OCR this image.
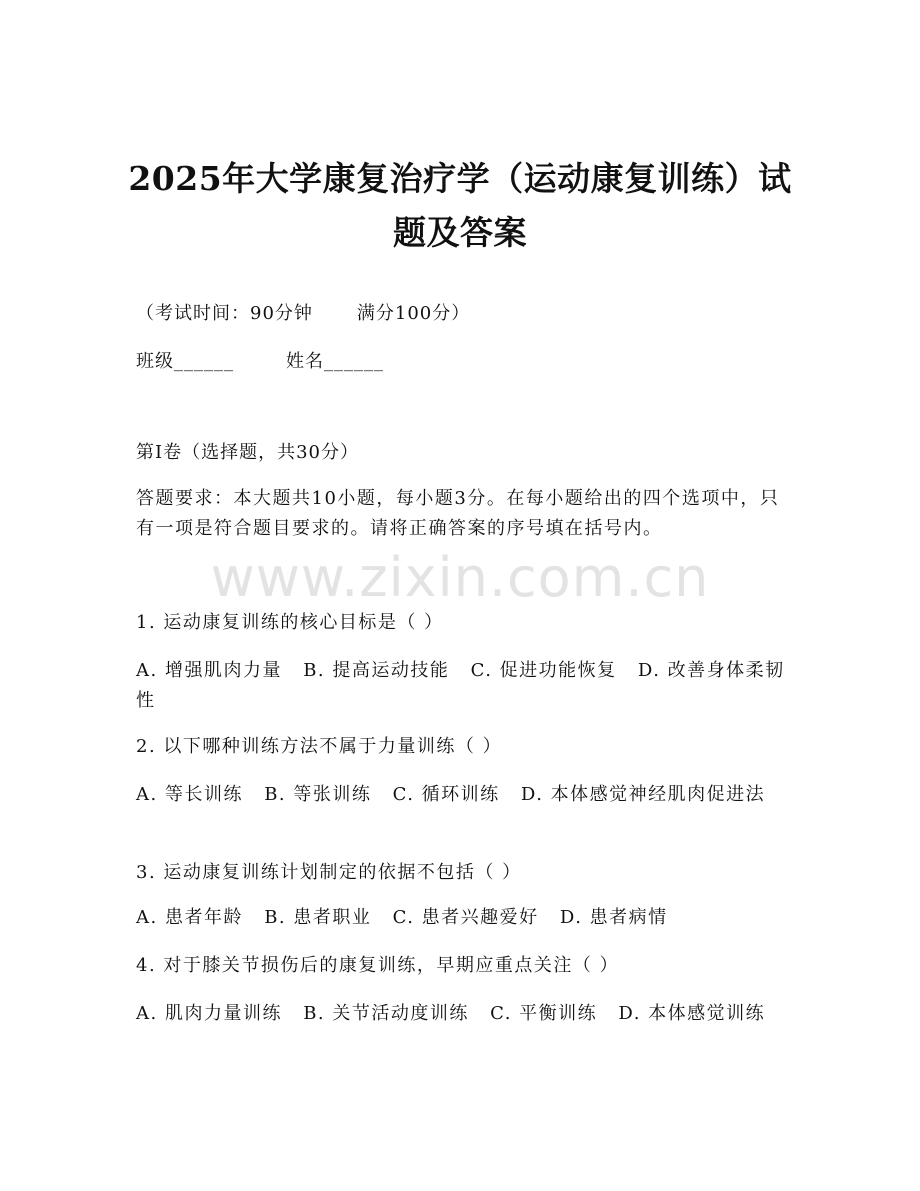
2025年大学康复治疗学（运动康复训练）试
题及答案
（考试时间：90分钟 满分100分）
班级______	姓名______
第I卷（选择题，共30分）
答题要求：本大题共10小题，每小题3分。在每小题给出的四个选项中，只有一项是符合题目要求的。请将正确答案的序号填在括号内。
www.zixin.com.cn
1. 运动康复训练的核心目标是（ ）
A. 增强肌肉力量 B. 提高运动技能 C. 促进功能恢复 D. 改善身体柔韧性
2. 以下哪种训练方法不属于力量训练（ ）
A. 等长训练 B. 等张训练 C. 循环训练 D. 本体感觉神经肌肉促进法
3. 运动康复训练计划制定的依据不包括（ ）
A. 患者年龄 B. 患者职业 C. 患者兴趣爱好 D. 患者病情
4. 对于膝关节损伤后的康复训练，早期应重点关注（ ）
A. 肌肉力量训练 B. 关节活动度训练 C. 平衡训练 D. 本体感觉训练
